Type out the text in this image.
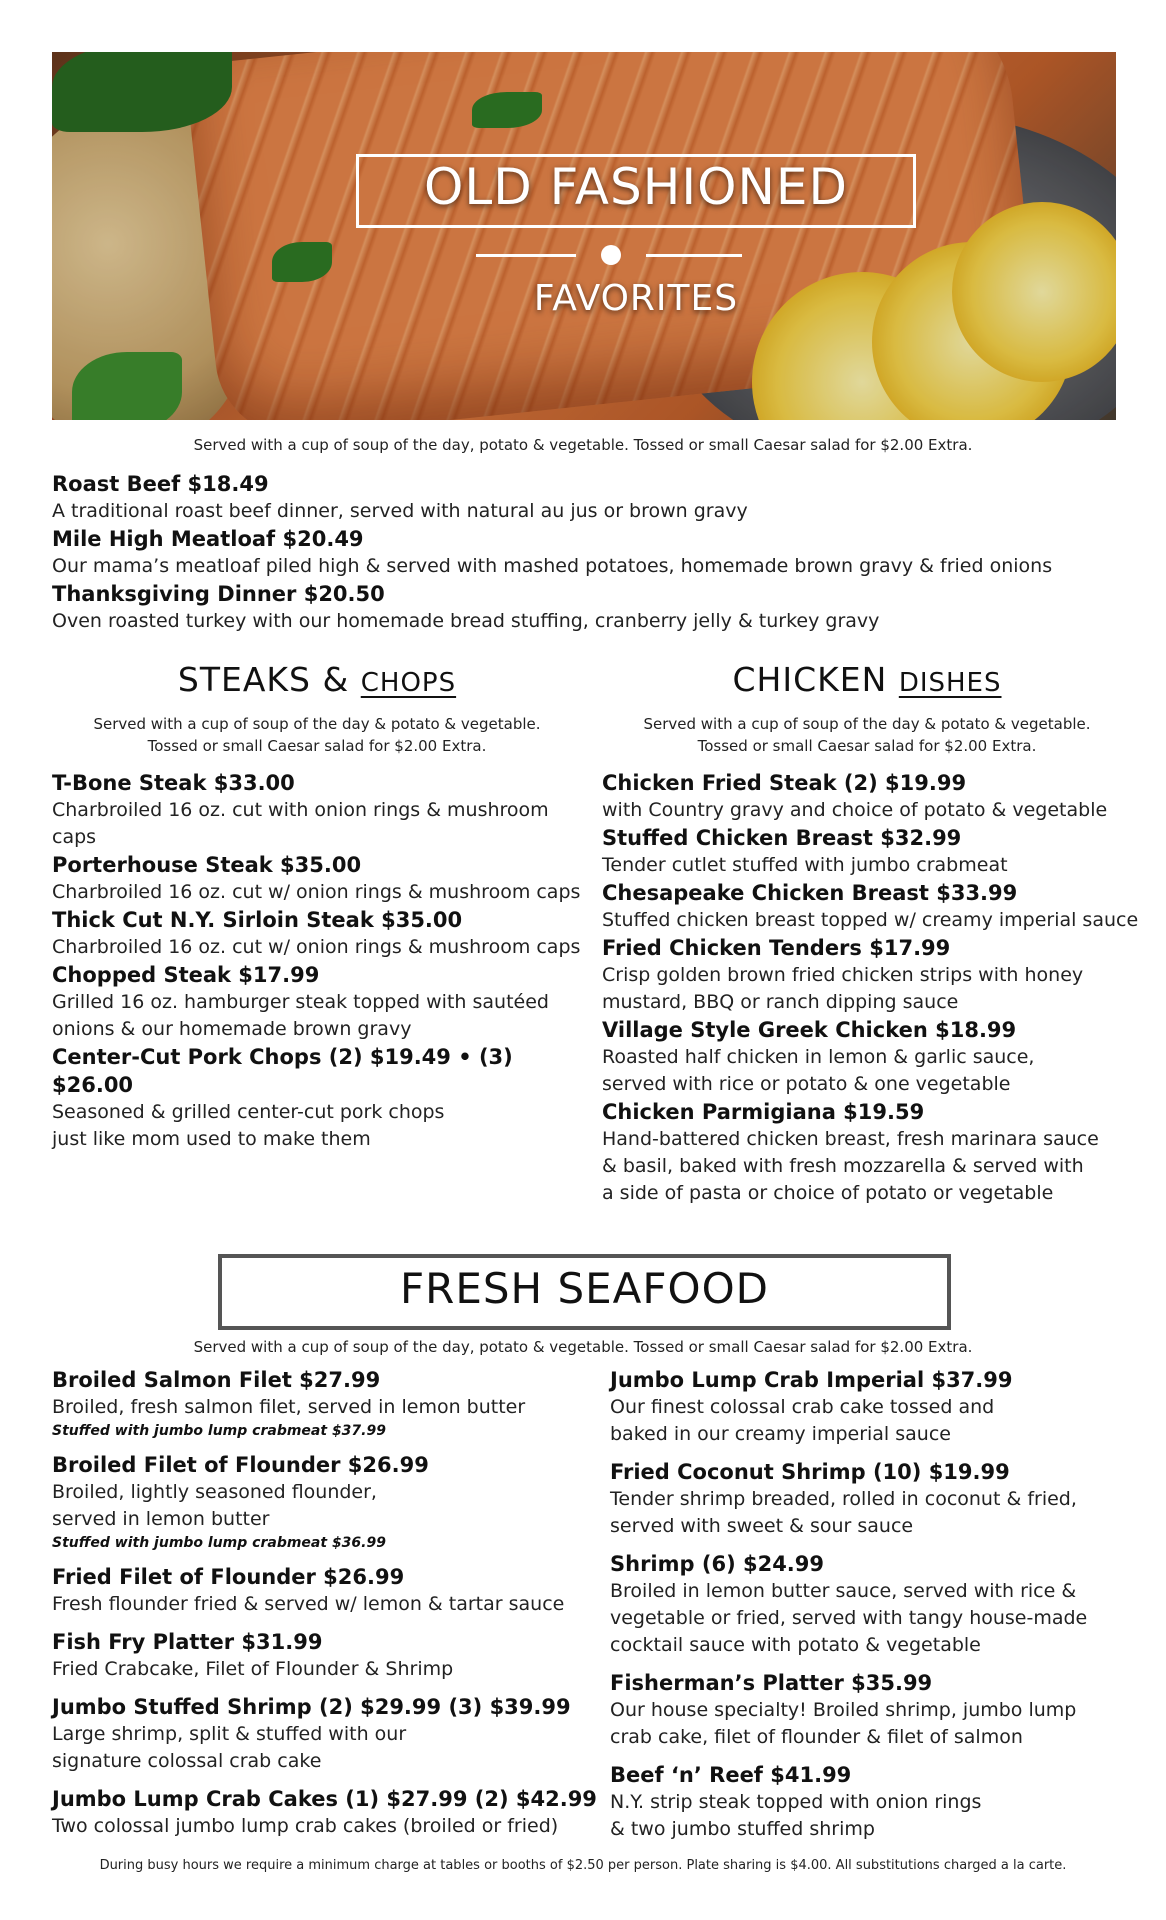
OLD FASHIONED
FAVORITES
Served with a cup of soup of the day, potato & vegetable. Tossed or small Caesar salad for $2.00 Extra.
Roast Beef $18.49
A traditional roast beef dinner, served with natural au jus or brown gravy
Mile High Meatloaf $20.49
Our mama’s meatloaf piled high & served with mashed potatoes, homemade brown gravy & fried onions
Thanksgiving Dinner $20.50
Oven roasted turkey with our homemade bread stuffing, cranberry jelly & turkey gravy
STEAKS & CHOPS
Served with a cup of soup of the day & potato & vegetable.
Tossed or small Caesar salad for $2.00 Extra.
CHICKEN DISHES
Served with a cup of soup of the day & potato & vegetable.
Tossed or small Caesar salad for $2.00 Extra.
T-Bone Steak $33.00
Charbroiled 16 oz. cut with onion rings & mushroom caps
Porterhouse Steak $35.00
Charbroiled 16 oz. cut w/ onion rings & mushroom caps
Thick Cut N.Y. Sirloin Steak $35.00
Charbroiled 16 oz. cut w/ onion rings & mushroom caps
Chopped Steak $17.99
Grilled 16 oz. hamburger steak topped with sautéed
onions & our homemade brown gravy
Center-Cut Pork Chops (2) $19.49 • (3) $26.00
Seasoned & grilled center-cut pork chops
just like mom used to make them
Chicken Fried Steak (2) $19.99
with Country gravy and choice of potato & vegetable
Stuffed Chicken Breast $32.99
Tender cutlet stuffed with jumbo crabmeat
Chesapeake Chicken Breast $33.99
Stuffed chicken breast topped w/ creamy imperial sauce
Fried Chicken Tenders $17.99
Crisp golden brown fried chicken strips with honey
mustard, BBQ or ranch dipping sauce
Village Style Greek Chicken $18.99
Roasted half chicken in lemon & garlic sauce,
served with rice or potato & one vegetable
Chicken Parmigiana $19.59
Hand-battered chicken breast, fresh marinara sauce
& basil, baked with fresh mozzarella & served with
a side of pasta or choice of potato or vegetable
FRESH SEAFOOD
Served with a cup of soup of the day, potato & vegetable. Tossed or small Caesar salad for $2.00 Extra.
Broiled Salmon Filet $27.99
Broiled, fresh salmon filet, served in lemon butter
Stuffed with jumbo lump crabmeat $37.99
Broiled Filet of Flounder $26.99
Broiled, lightly seasoned flounder,
served in lemon butter
Stuffed with jumbo lump crabmeat $36.99
Fried Filet of Flounder $26.99
Fresh flounder fried & served w/ lemon & tartar sauce
Fish Fry Platter $31.99
Fried Crabcake, Filet of Flounder & Shrimp
Jumbo Stuffed Shrimp (2) $29.99 (3) $39.99
Large shrimp, split & stuffed with our
signature colossal crab cake
Jumbo Lump Crab Cakes (1) $27.99 (2) $42.99
Two colossal jumbo lump crab cakes (broiled or fried)
Jumbo Lump Crab Imperial $37.99
Our finest colossal crab cake tossed and
baked in our creamy imperial sauce
Fried Coconut Shrimp (10) $19.99
Tender shrimp breaded, rolled in coconut & fried,
served with sweet & sour sauce
Shrimp (6) $24.99
Broiled in lemon butter sauce, served with rice &
vegetable or fried, served with tangy house-made
cocktail sauce with potato & vegetable
Fisherman’s Platter $35.99
Our house specialty! Broiled shrimp, jumbo lump
crab cake, filet of flounder & filet of salmon
Beef ‘n’ Reef $41.99
N.Y. strip steak topped with onion rings
& two jumbo stuffed shrimp
During busy hours we require a minimum charge at tables or booths of $2.50 per person. Plate sharing is $4.00. All substitutions charged a la carte.
